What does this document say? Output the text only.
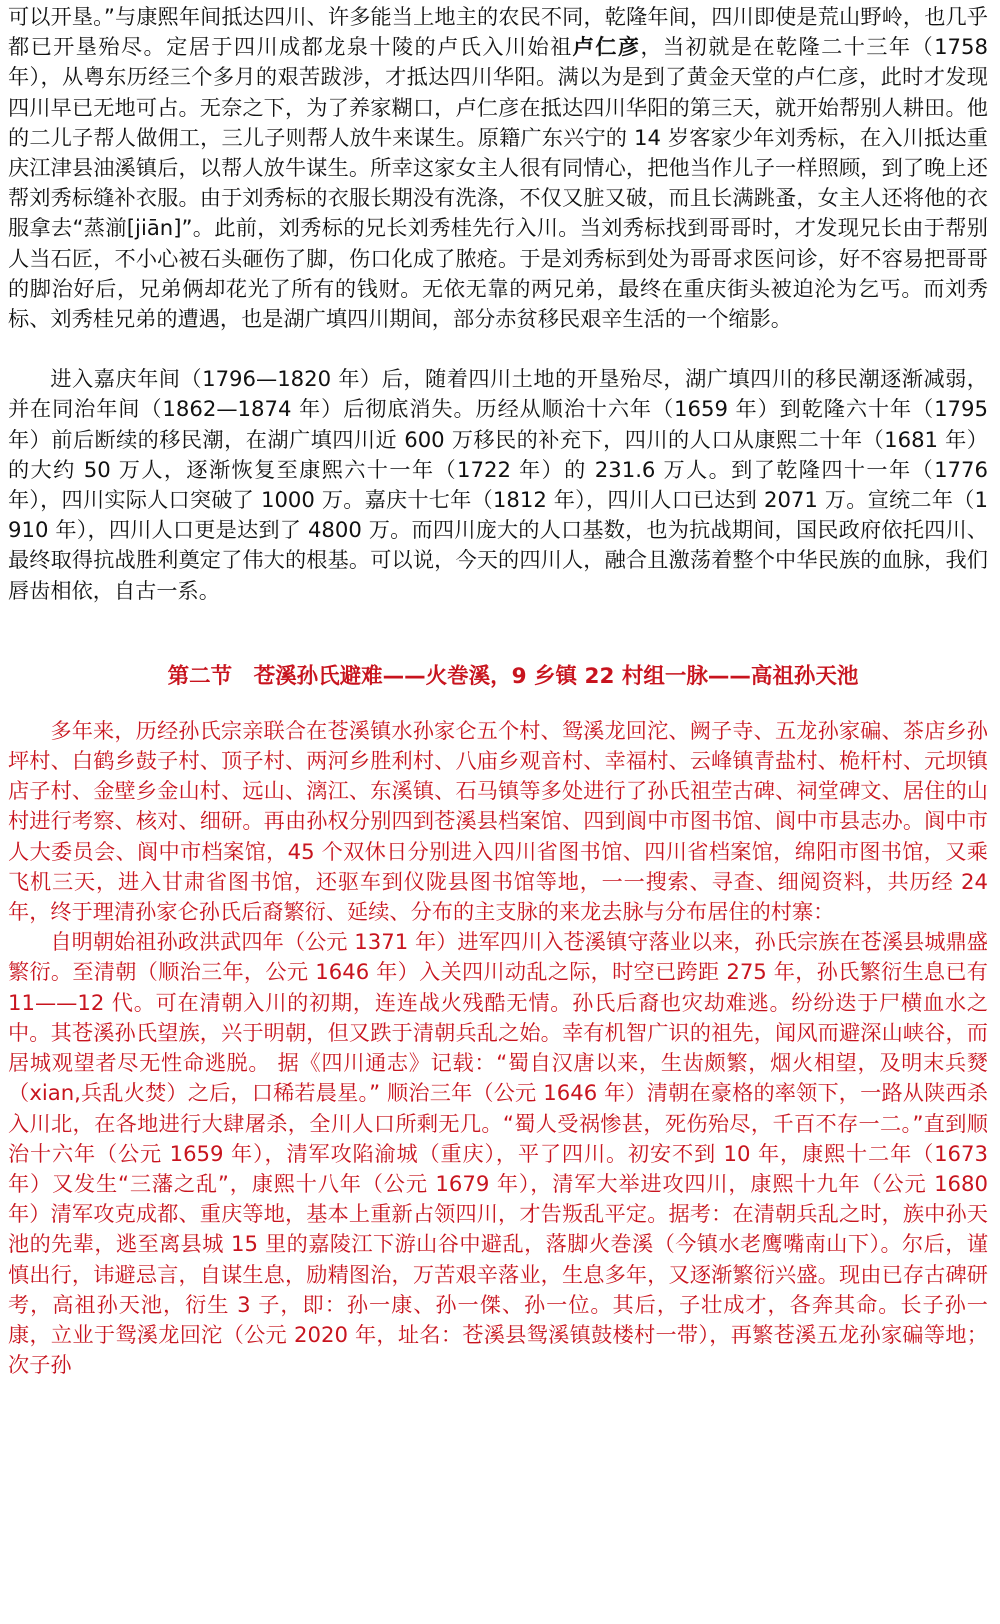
可以开垦。”与康熙年间抵达四川、许多能当上地主的农民不同，乾隆年间，四川即使是荒山野岭，也几乎都已开垦殆尽。定居于四川成都龙泉十陵的卢氏入川始祖卢仁彦，当初就是在乾隆二十三年（1758 年），从粤东历经三个多月的艰苦跋涉，才抵达四川华阳。满以为是到了黄金天堂的卢仁彦，此时才发现四川早已无地可占。无奈之下，为了养家糊口，卢仁彦在抵达四川华阳的第三天，就开始帮别人耕田。他的二儿子帮人做佣工，三儿子则帮人放牛来谋生。原籍广东兴宁的 14 岁客家少年刘秀标，在入川抵达重庆江津县油溪镇后，以帮人放牛谋生。所幸这家女主人很有同情心，把他当作儿子一样照顾，到了晚上还帮刘秀标缝补衣服。由于刘秀标的衣服长期没有洗涤，不仅又脏又破，而且长满跳蚤，女主人还将他的衣服拿去“蒸湔[jiān]”。此前，刘秀标的兄长刘秀桂先行入川。当刘秀标找到哥哥时，才发现兄长由于帮别人当石匠，不小心被石头砸伤了脚，伤口化成了脓疮。于是刘秀标到处为哥哥求医问诊，好不容易把哥哥的脚治好后，兄弟俩却花光了所有的钱财。无依无靠的两兄弟，最终在重庆街头被迫沦为乞丐。而刘秀标、刘秀桂兄弟的遭遇，也是湖广填四川期间，部分赤贫移民艰辛生活的一个缩影。

进入嘉庆年间（1796—1820 年）后，随着四川土地的开垦殆尽，湖广填四川的移民潮逐渐减弱，并在同治年间（1862—1874 年）后彻底消失。历经从顺治十六年（1659 年）到乾隆六十年（1795 年）前后断续的移民潮，在湖广填四川近 600 万移民的补充下，四川的人口从康熙二十年（1681 年）的大约 50 万人，逐渐恢复至康熙六十一年（1722 年）的 231.6 万人。到了乾隆四十一年（1776 年），四川实际人口突破了 1000 万。嘉庆十七年（1812 年），四川人口已达到 2071 万。宣统二年（1910 年），四川人口更是达到了 4800 万。而四川庞大的人口基数，也为抗战期间，国民政府依托四川、最终取得抗战胜利奠定了伟大的根基。可以说，今天的四川人，融合且激荡着整个中华民族的血脉，我们唇齿相依，自古一系。

第二节　苍溪孙氏避难——火巻溪，9 乡镇 22 村组一脉——高祖孙天池

多年来，历经孙氏宗亲联合在苍溪镇水孙家仑五个村、鸳溪龙回沱、阙子寺、五龙孙家碥、茶店乡孙坪村、白鹤乡鼓子村、顶子村、两河乡胜利村、八庙乡观音村、幸福村、云峰镇青盐村、桅杆村、元坝镇店子村、金壁乡金山村、远山、漓江、东溪镇、石马镇等多处进行了孙氏祖茔古碑、祠堂碑文、居住的山村进行考察、核对、细研。再由孙权分别四到苍溪县档案馆、四到阆中市图书馆、阆中市县志办。阆中市人大委员会、阆中市档案馆，45 个双休日分别进入四川省图书馆、四川省档案馆，绵阳市图书馆，又乘飞机三天，进入甘肃省图书馆，还驱车到仪陇县图书馆等地，一一搜索、寻查、细阅资料，共历经 24 年，终于理清孙家仑孙氏后裔繁衍、延续、分布的主支脉的来龙去脉与分布居住的村寨：

自明朝始祖孙政洪武四年（公元 1371 年）进军四川入苍溪镇守落业以来，孙氏宗族在苍溪县城鼎盛繁衍。至清朝（顺治三年，公元 1646 年）入关四川动乱之际，时空已跨距 275 年，孙氏繁衍生息已有 11——12 代。可在清朝入川的初期，连连战火残酷无情。孙氏后裔也灾劫难逃。纷纷迭于尸横血水之中。其苍溪孙氏望族，兴于明朝，但又跌于清朝兵乱之始。幸有机智广识的祖先，闻风而避深山峡谷，而居城观望者尽无性命逃脱。 据《四川通志》记载：“蜀自汉唐以来，生齿颇繁，烟火相望，及明末兵燹（xian,兵乱火焚）之后，口稀若晨星。” 顺治三年（公元 1646 年）清朝在豪格的率领下，一路从陕西杀入川北，在各地进行大肆屠杀，全川人口所剩无几。“蜀人受祸惨甚，死伤殆尽，千百不存一二。”直到顺治十六年（公元 1659 年），清军攻陷渝城（重庆），平了四川。初安不到 10 年，康熙十二年（1673 年）又发生“三藩之乱”，康熙十八年（公元 1679 年），清军大举进攻四川，康熙十九年（公元 1680 年）清军攻克成都、重庆等地，基本上重新占领四川，才告叛乱平定。据考：在清朝兵乱之时，族中孙天池的先辈，逃至离县城 15 里的嘉陵江下游山谷中避乱，落脚火巻溪（今镇水老鹰嘴南山下）。尔后，谨慎出行，讳避忌言，自谋生息，励精图治，万苦艰辛落业，生息多年，又逐渐繁衍兴盛。现由已存古碑研考，高祖孙天池，衍生 3 子，即：孙一康、孙一傑、孙一位。其后，子壮成才，各奔其命。长子孙一康，立业于鸳溪龙回沱（公元 2020 年，址名：苍溪县鸳溪镇鼓楼村一带），再繁苍溪五龙孙家碥等地；次子孙
